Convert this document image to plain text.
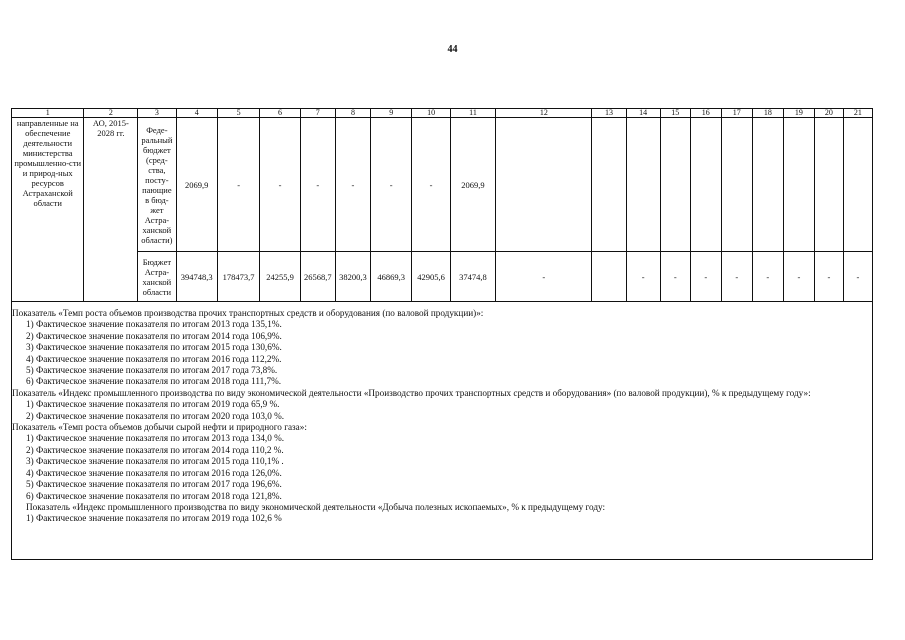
44
1	2	3	4	5	6	7	8	9	10	11	12	13	14	15	16	17	18	19	20	21
направленные на обеспечение деятельности министерства промышленно-сти и природ-ных ресурсов Астраханской области	АО, 2015-2028 гг.	Феде-ральный бюджет (сред-ства, посту-пающие в бюд-жет Астра-ханской области)	2069,9	-	-	-	-	-	-	2069,9										
		Бюджет Астра-ханской области	394748,3	178473,7	24255,9	26568,7	38200,3	46869,3	42905,6	37474,8	-		-	-	-	-	-	-	-	-
Показатель «Темп роста объемов производства прочих транспортных средств и оборудования (по валовой продукции)»:
1) Фактическое значение показателя по итогам 2013 года 135,1%.
2) Фактическое значение показателя по итогам 2014 года 106,9%.
3) Фактическое значение показателя по итогам 2015 года 130,6%.
4) Фактическое значение показателя по итогам 2016 года 112,2%.
5) Фактическое значение показателя по итогам 2017 года 73,8%.
6) Фактическое значение показателя по итогам 2018 года 111,7%.
Показатель «Индекс промышленного производства по виду экономической деятельности «Производство прочих транспортных средств и оборудования» (по валовой продукции), % к предыдущему году»:
1) Фактическое значение показателя по итогам 2019 года 65,9 %.
2) Фактическое значение показателя по итогам 2020 года 103,0 %.
Показатель «Темп роста объемов добычи сырой нефти и природного газа»:
1) Фактическое значение показателя по итогам 2013 года 134,0 %.
2) Фактическое значение показателя по итогам 2014 года 110,2 %.
3) Фактическое значение показателя по итогам 2015 года 110,1% .
4) Фактическое значение показателя по итогам 2016 года 126,0%.
5) Фактическое значение показателя по итогам 2017 года 196,6%.
6) Фактическое значение показателя по итогам 2018 года 121,8%.
Показатель «Индекс промышленного производства по виду экономической деятельности «Добыча полезных ископаемых», % к предыдущему году:
1) Фактическое значение показателя по итогам 2019 года 102,6 %
